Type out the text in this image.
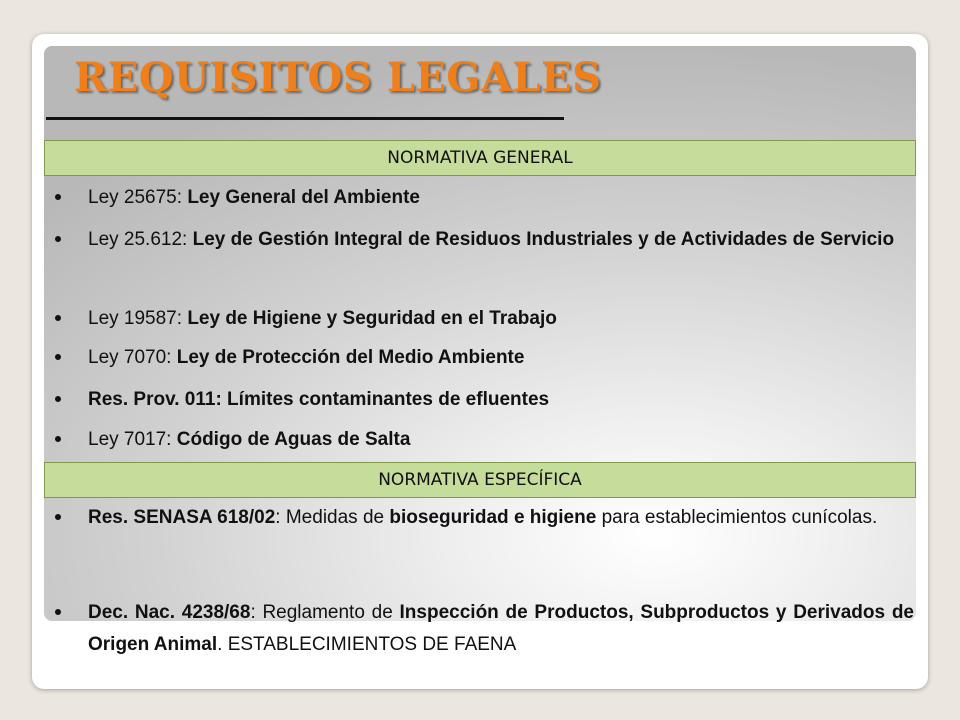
REQUISITOS LEGALES
NORMATIVA GENERAL
Ley 25675: Ley General del Ambiente
Ley 25.612: Ley de Gestión Integral de Residuos Industriales y de Actividades de Servicio
Ley 19587: Ley de Higiene y Seguridad en el Trabajo
Ley 7070: Ley de Protección del Medio Ambiente
Res. Prov. 011: Límites contaminantes de efluentes
Ley 7017: Código de Aguas de Salta
NORMATIVA ESPECÍFICA
Res. SENASA 618/02: Medidas de bioseguridad e higiene para establecimientos cunícolas.
Dec. Nac. 4238/68: Reglamento de Inspección de Productos, Subproductos y Derivados de Origen Animal. ESTABLECIMIENTOS DE FAENA
